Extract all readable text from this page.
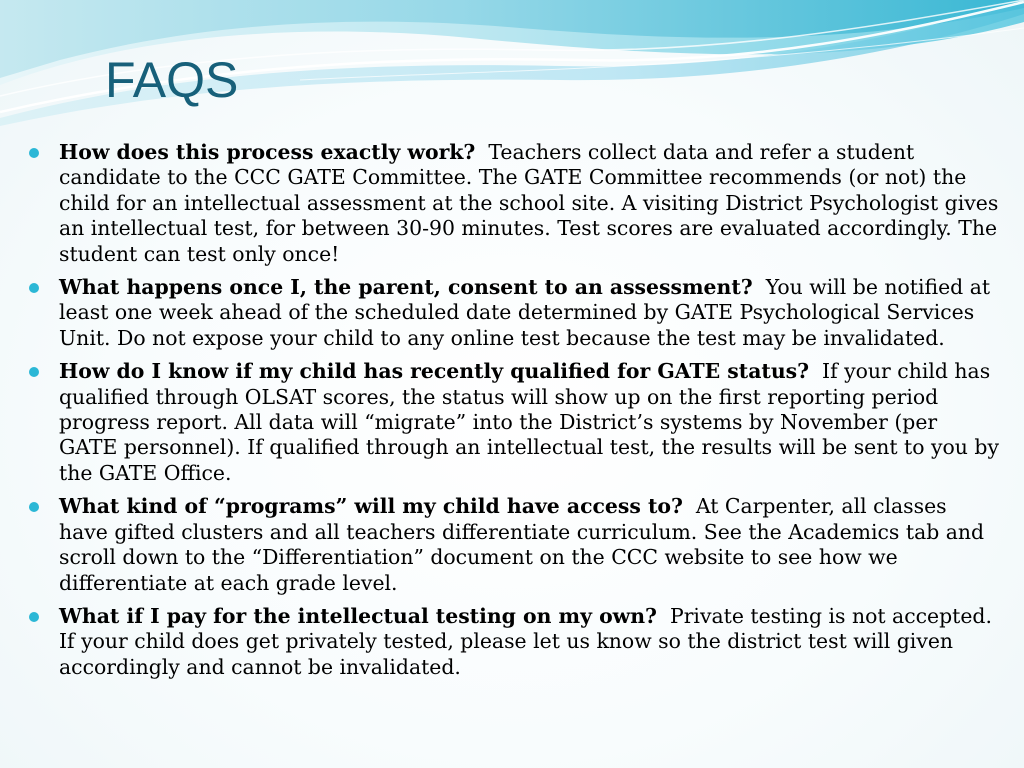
FAQS
How does this process exactly work? Teachers collect data and refer a student candidate to the CCC GATE Committee. The GATE Committee recommends (or not) the child for an intellectual assessment at the school site. A visiting District Psychologist gives an intellectual test, for between 30-90 minutes. Test scores are evaluated accordingly. The student can test only once!
What happens once I, the parent, consent to an assessment? You will be notified at least one week ahead of the scheduled date determined by GATE Psychological Services Unit. Do not expose your child to any online test because the test may be invalidated.
How do I know if my child has recently qualified for GATE status? If your child has qualified through OLSAT scores, the status will show up on the first reporting period progress report. All data will “migrate” into the District’s systems by November (per GATE personnel). If qualified through an intellectual test, the results will be sent to you by the GATE Office.
What kind of “programs” will my child have access to? At Carpenter, all classes have gifted clusters and all teachers differentiate curriculum. See the Academics tab and scroll down to the “Differentiation” document on the CCC website to see how we differentiate at each grade level.
What if I pay for the intellectual testing on my own? Private testing is not accepted. If your child does get privately tested, please let us know so the district test will given accordingly and cannot be invalidated.
